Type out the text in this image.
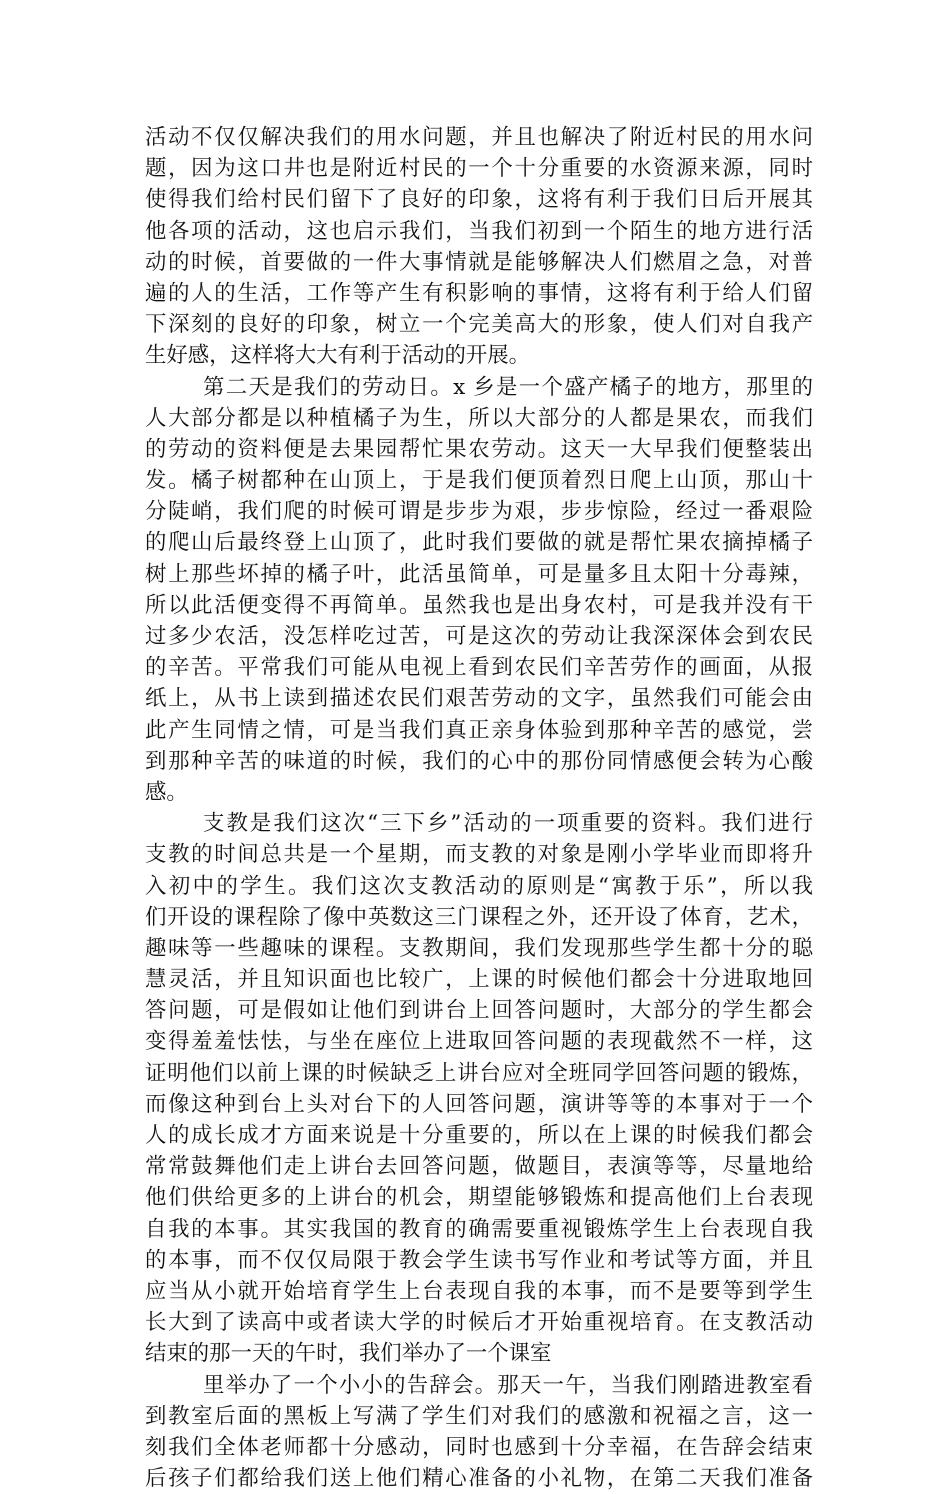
活动不仅仅解决我们的用水问题，并且也解决了附近村民的用水问
题，因为这口井也是附近村民的一个十分重要的水资源来源，同时
使得我们给村民们留下了良好的印象，这将有利于我们日后开展其
他各项的活动，这也启示我们，当我们初到一个陌生的地方进行活
动的时候，首要做的一件大事情就是能够解决人们燃眉之急，对普
遍的人的生活，工作等产生有积影响的事情，这将有利于给人们留
下深刻的良好的印象，树立一个完美高大的形象，使人们对自我产
生好感，这样将大大有利于活动的开展。
第二天是我们的劳动日。x 乡是一个盛产橘子的地方，那里的
人大部分都是以种植橘子为生，所以大部分的人都是果农，而我们
的劳动的资料便是去果园帮忙果农劳动。这天一大早我们便整装出
发。橘子树都种在山顶上，于是我们便顶着烈日爬上山顶，那山十
分陡峭，我们爬的时候可谓是步步为艰，步步惊险，经过一番艰险
的爬山后最终登上山顶了，此时我们要做的就是帮忙果农摘掉橘子
树上那些坏掉的橘子叶，此活虽简单，可是量多且太阳十分毒辣，
所以此活便变得不再简单。虽然我也是出身农村，可是我并没有干
过多少农活，没怎样吃过苦，可是这次的劳动让我深深体会到农民
的辛苦。平常我们可能从电视上看到农民们辛苦劳作的画面，从报
纸上，从书上读到描述农民们艰苦劳动的文字，虽然我们可能会由
此产生同情之情，可是当我们真正亲身体验到那种辛苦的感觉，尝
到那种辛苦的味道的时候，我们的心中的那份同情感便会转为心酸
感。
支教是我们这次“三下乡”活动的一项重要的资料。我们进行
支教的时间总共是一个星期，而支教的对象是刚小学毕业而即将升
入初中的学生。我们这次支教活动的原则是“寓教于乐”，所以我
们开设的课程除了像中英数这三门课程之外，还开设了体育，艺术，
趣味等一些趣味的课程。支教期间，我们发现那些学生都十分的聪
慧灵活，并且知识面也比较广，上课的时候他们都会十分进取地回
答问题，可是假如让他们到讲台上回答问题时，大部分的学生都会
变得羞羞怯怯，与坐在座位上进取回答问题的表现截然不一样，这
证明他们以前上课的时候缺乏上讲台应对全班同学回答问题的锻炼，
而像这种到台上头对台下的人回答问题，演讲等等的本事对于一个
人的成长成才方面来说是十分重要的，所以在上课的时候我们都会
常常鼓舞他们走上讲台去回答问题，做题目，表演等等，尽量地给
他们供给更多的上讲台的机会，期望能够锻炼和提高他们上台表现
自我的本事。其实我国的教育的确需要重视锻炼学生上台表现自我
的本事，而不仅仅局限于教会学生读书写作业和考试等方面，并且
应当从小就开始培育学生上台表现自我的本事，而不是要等到学生
长大到了读高中或者读大学的时候后才开始重视培育。在支教活动
结束的那一天的午时，我们举办了一个课室
里举办了一个小小的告辞会。那天一午，当我们刚踏进教室看
到教室后面的黑板上写满了学生们对我们的感激和祝福之言，这一
刻我们全体老师都十分感动，同时也感到十分幸福，在告辞会结束
后孩子们都给我们送上他们精心准备的小礼物，在第二天我们准备
